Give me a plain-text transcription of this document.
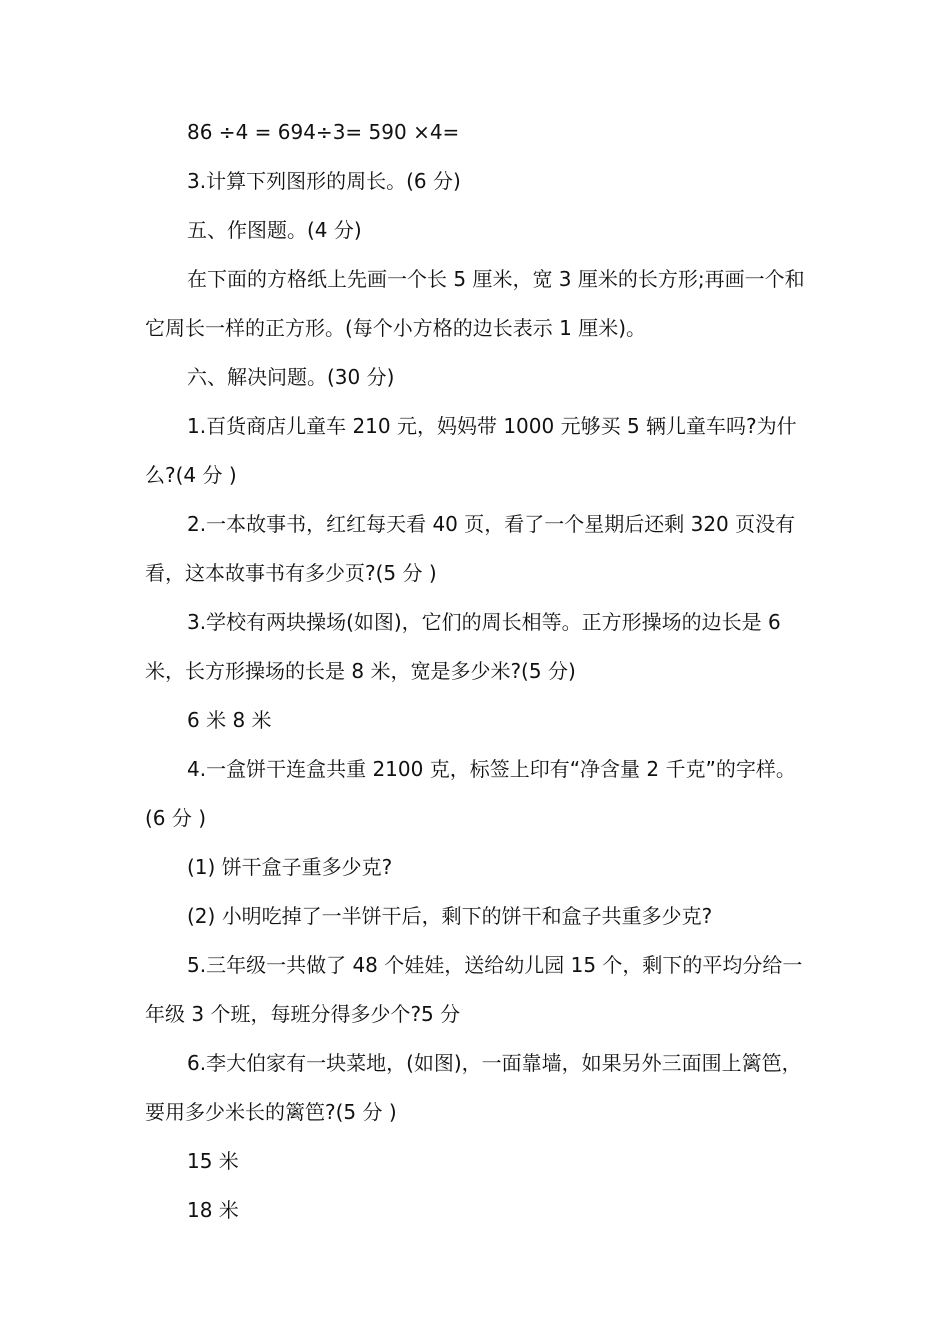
86 ÷4 = 694÷3= 590 ×4=

3.计算下列图形的周长。(6 分)

五、作图题。(4 分)

在下面的方格纸上先画一个长 5 厘米，宽 3 厘米的长方形;再画一个和它周长一样的正方形。(每个小方格的边长表示 1 厘米)。

六、解决问题。(30 分)

1.百货商店儿童车 210 元，妈妈带 1000 元够买 5 辆儿童车吗?为什么?(4 分 )

2.一本故事书，红红每天看 40 页，看了一个星期后还剩 320 页没有看，这本故事书有多少页?(5 分 )

3.学校有两块操场(如图)，它们的周长相等。正方形操场的边长是 6 米，长方形操场的长是 8 米，宽是多少米?(5 分)

6 米 8 米

4.一盒饼干连盒共重 2100 克，标签上印有“净含量 2 千克”的字样。(6 分 )

(1) 饼干盒子重多少克?

(2) 小明吃掉了一半饼干后，剩下的饼干和盒子共重多少克?

5.三年级一共做了 48 个娃娃，送给幼儿园 15 个，剩下的平均分给一年级 3 个班，每班分得多少个?5 分

6.李大伯家有一块菜地，(如图)，一面靠墙，如果另外三面围上篱笆，要用多少米长的篱笆?(5 分 )

15 米

18 米
